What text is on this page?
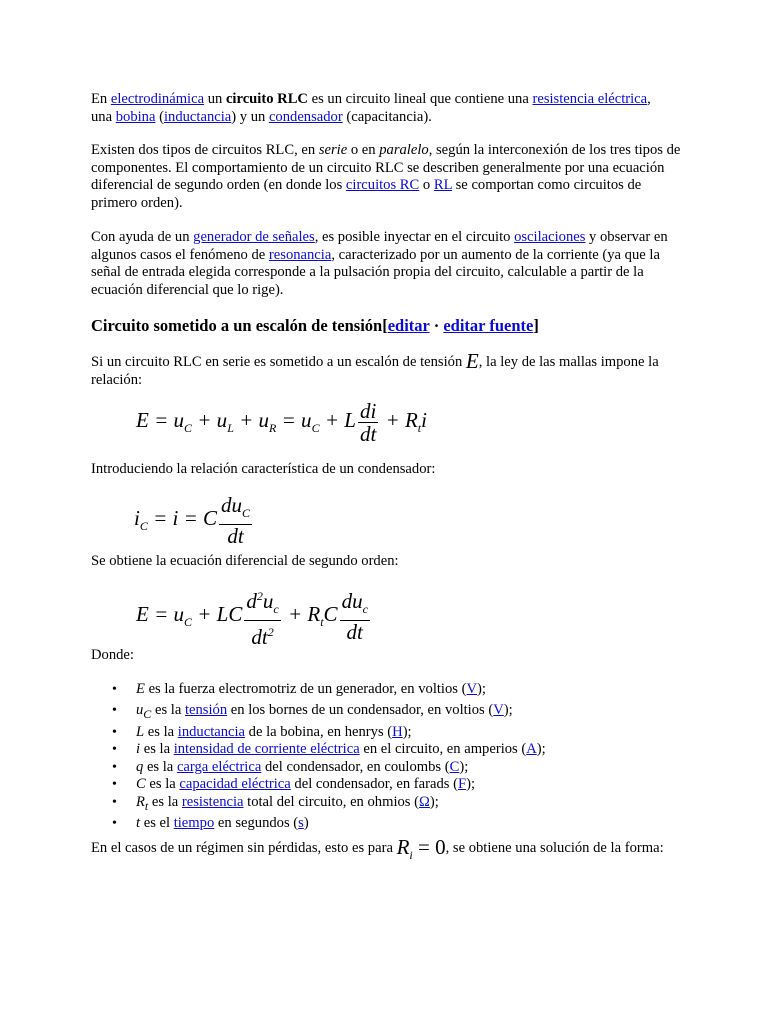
En electrodinámica un circuito RLC es un circuito lineal que contiene una resistencia eléctrica,
una bobina (inductancia) y un condensador (capacitancia).

Existen dos tipos de circuitos RLC, en serie o en paralelo, según la interconexión de los tres tipos de componentes. El comportamiento de un circuito RLC se describen generalmente por una ecuación diferencial de segundo orden (en donde los circuitos RC o RL se comportan como circuitos de primero orden).

Con ayuda de un generador de señales, es posible inyectar en el circuito oscilaciones y observar en algunos casos el fenómeno de resonancia, caracterizado por un aumento de la corriente (ya que la señal de entrada elegida corresponde a la pulsación propia del circuito, calculable a partir de la ecuación diferencial que lo rige).

Circuito sometido a un escalón de tensión[editar · editar fuente]

Si un circuito RLC en serie es sometido a un escalón de tensión E, la ley de las mallas impone la relación:

$E = u_C + u_L + u_R = u_C + L \frac{di}{dt} + R_ti$

Introduciendo la relación característica de un condensador:

$i_C = i = C \frac{du_C}{dt}$

Se obtiene la ecuación diferencial de segundo orden:

$E = u_C$ + LC $\frac{d^2u_c}{dt^2} + R_tC \frac{du_c}{dt}$

Donde:

• E es la fuerza electromotriz de un generador, en voltios (V);
• $u_C$ es la tensión en los bornes de un condensador, en voltios (V);
• L es la inductancia de la bobina, en henrys (H);
• i es la intensidad de corriente eléctrica en el circuito, en amperios (A);
• q es la carga eléctrica del condensador, en coulombs (C);
• C es la capacidad eléctrica del condensador, en farads (F);
• $R_t$ es la resistencia total del circuito, en ohmios (Ω);
• t es el tiempo en segundos (s)

En el casos de un régimen sin pérdidas, esto es para $R_i = 0$, se obtiene una solución de la forma:
